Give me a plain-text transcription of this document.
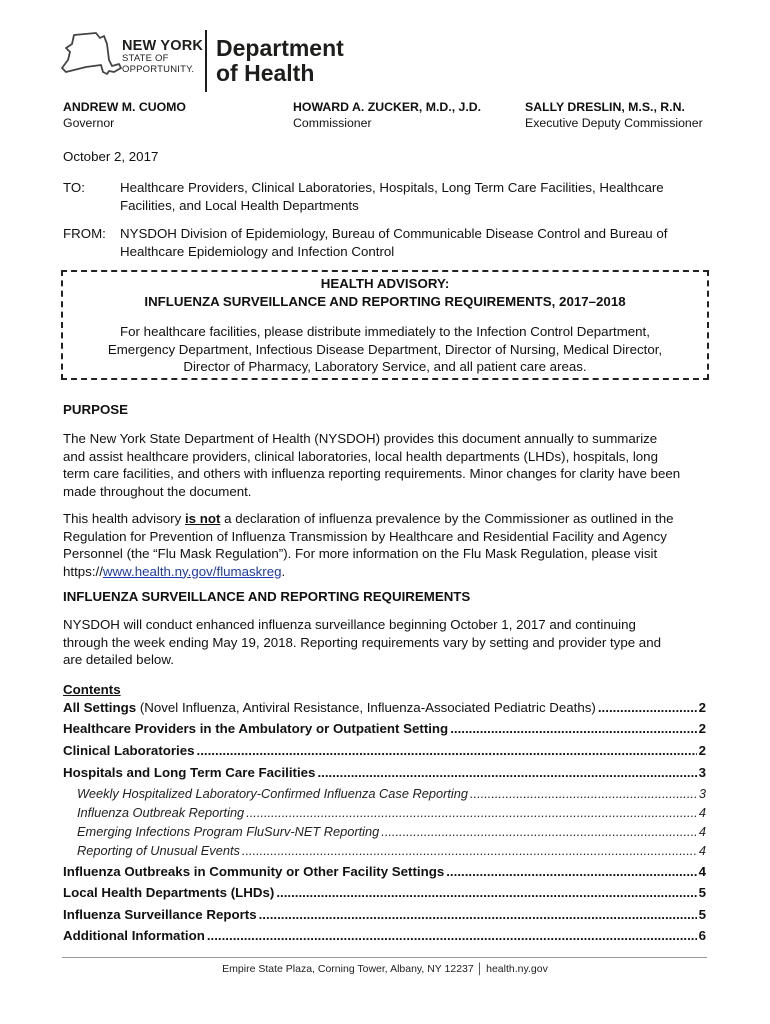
NEW YORK
STATE OF
OPPORTUNITY.
Department
of Health
ANDREW M. CUOMO
Governor
HOWARD A. ZUCKER, M.D., J.D.
Commissioner
SALLY DRESLIN, M.S., R.N.
Executive Deputy Commissioner
October 2, 2017
TO:	Healthcare Providers, Clinical Laboratories, Hospitals, Long Term Care Facilities, Healthcare
Facilities, and Local Health Departments
FROM: NYSDOH Division of Epidemiology, Bureau of Communicable Disease Control and Bureau of
Healthcare Epidemiology and Infection Control
HEALTH ADVISORY:
INFLUENZA SURVEILLANCE AND REPORTING REQUIREMENTS, 2017–2018
For healthcare facilities, please distribute immediately to the Infection Control Department,
Emergency Department, Infectious Disease Department, Director of Nursing, Medical Director,
Director of Pharmacy, Laboratory Service, and all patient care areas.
PURPOSE
The New York State Department of Health (NYSDOH) provides this document annually to summarize
and assist healthcare providers, clinical laboratories, local health departments (LHDs), hospitals, long
term care facilities, and others with influenza reporting requirements. Minor changes for clarity have been
made throughout the document.
This health advisory is not a declaration of influenza prevalence by the Commissioner as outlined in the
Regulation for Prevention of Influenza Transmission by Healthcare and Residential Facility and Agency
Personnel (the “Flu Mask Regulation”). For more information on the Flu Mask Regulation, please visit
https://www.health.ny.gov/flumaskreg.
INFLUENZA SURVEILLANCE AND REPORTING REQUIREMENTS
NYSDOH will conduct enhanced influenza surveillance beginning October 1, 2017 and continuing
through the week ending May 19, 2018. Reporting requirements vary by setting and provider type and
are detailed below.
Contents
All Settings (Novel Influenza, Antiviral Resistance, Influenza-Associated Pediatric Deaths) .....	2
Healthcare Providers in the Ambulatory or Outpatient Setting .....	2
Clinical Laboratories .....	2
Hospitals and Long Term Care Facilities .....	3
Weekly Hospitalized Laboratory-Confirmed Influenza Case Reporting .....	3
Influenza Outbreak Reporting .....	4
Emerging Infections Program FluSurv-NET Reporting .....	4
Reporting of Unusual Events .....	4
Influenza Outbreaks in Community or Other Facility Settings .....	4
Local Health Departments (LHDs) .....	5
Influenza Surveillance Reports .....	5
Additional Information .....	6
Empire State Plaza, Corning Tower, Albany, NY 12237 │ health.ny.gov
